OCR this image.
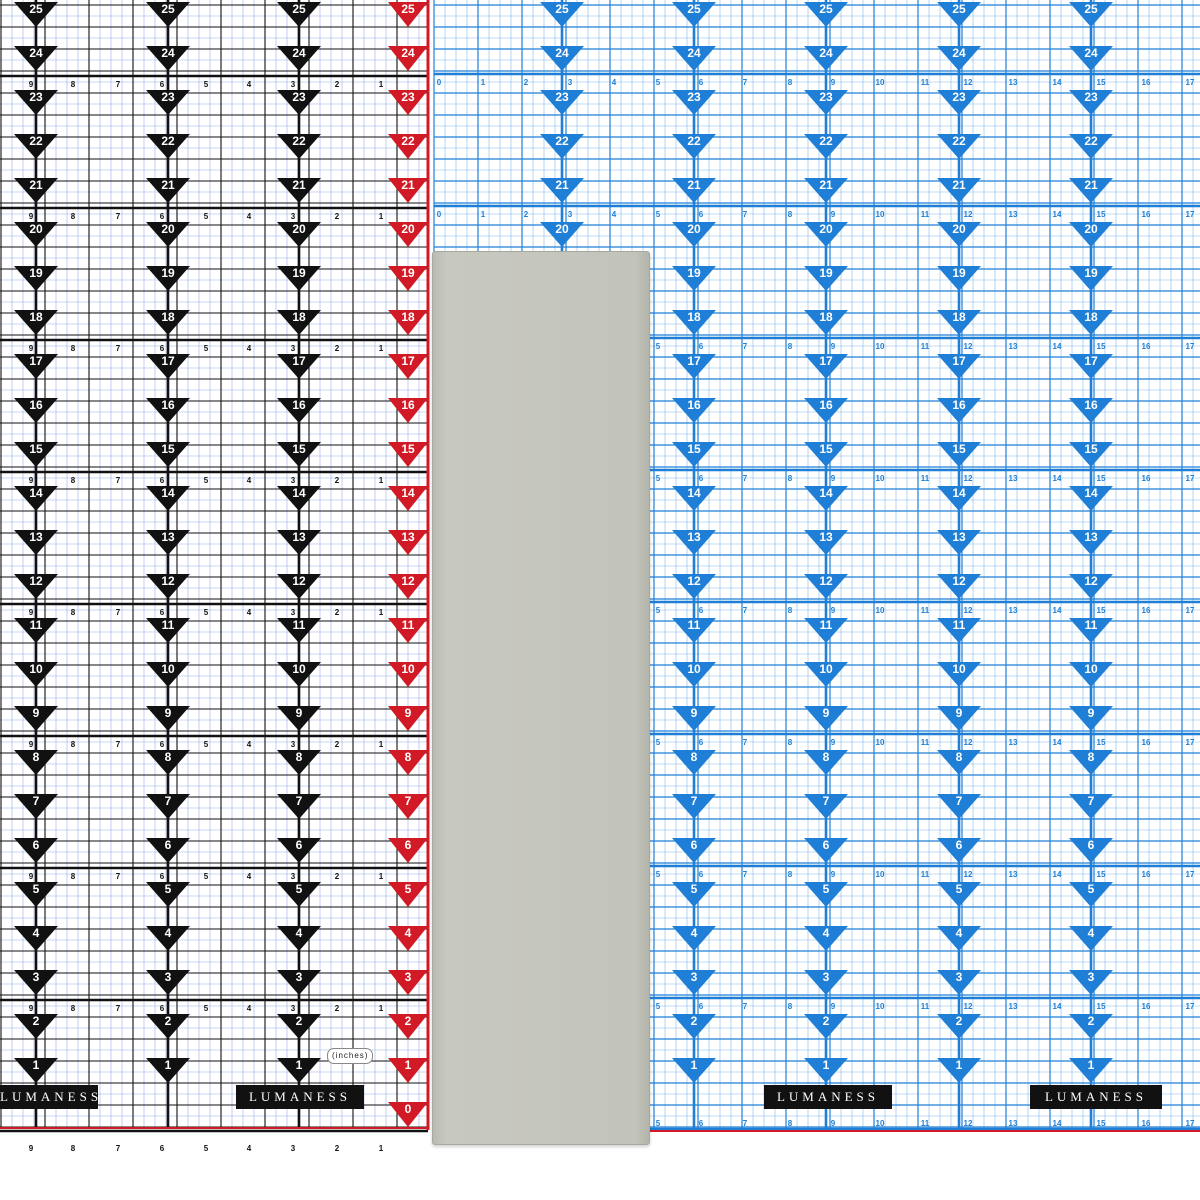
25
24
23
22
21
20
19
18
17
16
15
14
13
12
11
10
9
8
7
6
5
4
3
2
1
25
24
23
22
21
20
19
18
17
16
15
14
13
12
11
10
9
8
7
6
5
4
3
2
1
25
24
23
22
21
20
19
18
17
16
15
14
13
12
11
10
9
8
7
6
5
4
3
2
1
9	8	7	6	5	4	3	2	1
9	8	7	6	5	4	3	2	1
9	8	7	6	5	4	3	2	1
9	8	7	6	5	4	3	2	1
9	8	7	6	5	4	3	2	1
9	8	7	6	5	4	3	2	1
9	8	7	6	5	4	3	2	1
9	8	7	6	5	4	3	2	1
9	8	7	6	5	4	3	2	1
25
24
23
22
21
20
19
18
17
16
15
14
13
12
11
10
9
8
7
6
5
4
3
2
1
0
25
24
23
22
21
20
25
24
23
22
21
20
19
18
17
16
15
14
13
12
11
10
9
8
7
6
5
4
3
2
1
25
24
23
22
21
20
19
18
17
16
15
14
13
12
11
10
9
8
7
6
5
4
3
2
1
25
24
23
22
21
20
19
18
17
16
15
14
13
12
11
10
9
8
7
6
5
4
3
2
1
25
24
23
22
21
20
19
18
17
16
15
14
13
12
11
10
9
8
7
6
5
4
3
2
1
0	1	2	3	4	5	6	7	8	9	10	11	12	13	14	15	16	17
0	1	2	3	4	5	6	7	8	9	10	11	12	13	14	15	16	17
5	6	7	8	9	10	11	12	13	14	15	16	17
5	6	7	8	9	10	11	12	13	14	15	16	17
5	6	7	8	9	10	11	12	13	14	15	16	17
5	6	7	8	9	10	11	12	13	14	15	16	17
5	6	7	8	9	10	11	12	13	14	15	16	17
5	6	7	8	9	10	11	12	13	14	15	16	17
5	6	7	8	9	10	11	12	13	14	15	16	17
LUMANESS	LUMANESS
(inches)
LUMANESS	LUMANESS
